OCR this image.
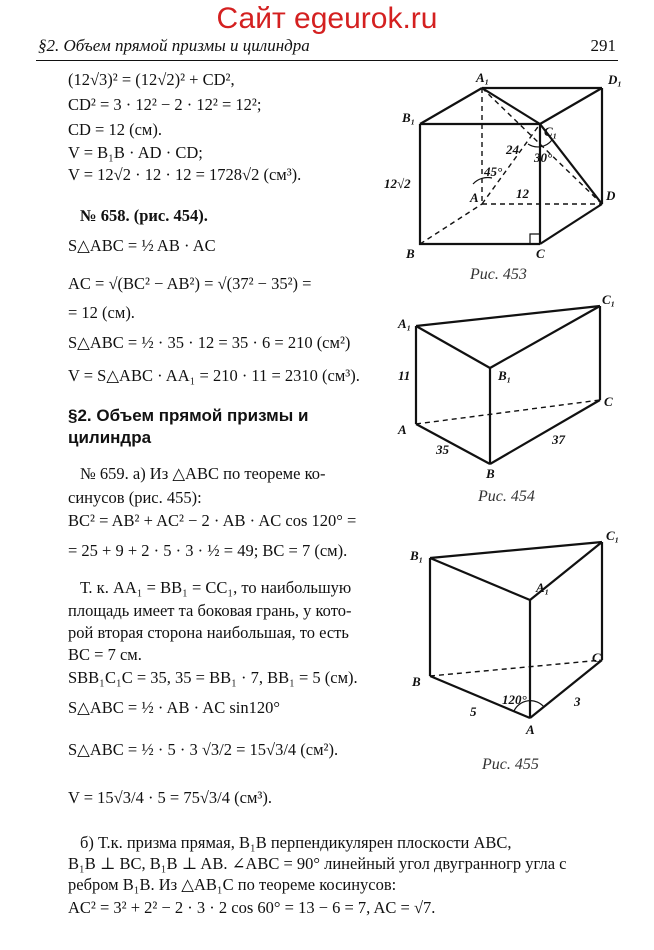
Сайт egeurok.ru
§2. Объем прямой призмы и цилиндра	291
(12√3)² = (12√2)² + CD²,
CD² = 3 · 12² − 2 · 12² = 12²;
CD = 12 (см).
V = B₁B · AD · CD;
V = 12√2 · 12 · 12 = 1728√2 (см³).
№ 658. (рис. 454).
S△ABC = ½ AB · AC
AC = √(BC² − AB²) = √(37² − 35²) =
= 12 (см).
S△ABC = ½ · 35 · 12 = 35 · 6 = 210 (см²)
V = S△ABC · AA₁ = 210 · 11 = 2310 (см³).
§2. Объем прямой призмы и
цилиндра
№ 659. а) Из △ABC по теореме ко-
синусов (рис. 455):
BC² = AB² + AC² − 2 · AB · AC cos 120° =
= 25 + 9 + 2 · 5 · 3 · ½ = 49; BC = 7 (см).
Т. к. AA₁ = BB₁ = CC₁, то наибольшую
площадь имеет та боковая грань, у кото-
рой вторая сторона наибольшая, то есть
BC = 7 см.
SBB₁C₁C = 35, 35 = BB₁ · 7, BB₁ = 5 (см).
S△ABC = ½ · AB · AC sin120°
S△ABC = ½ · 5 · 3 √3/2 = 15√3/4 (см²).
V = 15√3/4 · 5 = 75√3/4 (см³).
б) Т.к. призма прямая, B₁B перпендикулярен плоскости ABC,
B₁B ⊥ BC, B₁B ⊥ AB. ∠ABC = 90° линейный угол двугранногр угла с
ребром B₁B. Из △AB₁C по теореме косинусов:
AC² = 3² + 2² − 2 · 3 · 2 cos 60° = 13 − 6 = 7, AC = √7.
A₁	D₁
B₁
C₁
A	D
B	C
12√2
24
12
45°
30°
Рис. 453
A₁
B₁
C₁
A
B
C
11
35
37
Рис. 454
B₁
C₁
A₁
B
C
A
5
3
120°
Рис. 455
